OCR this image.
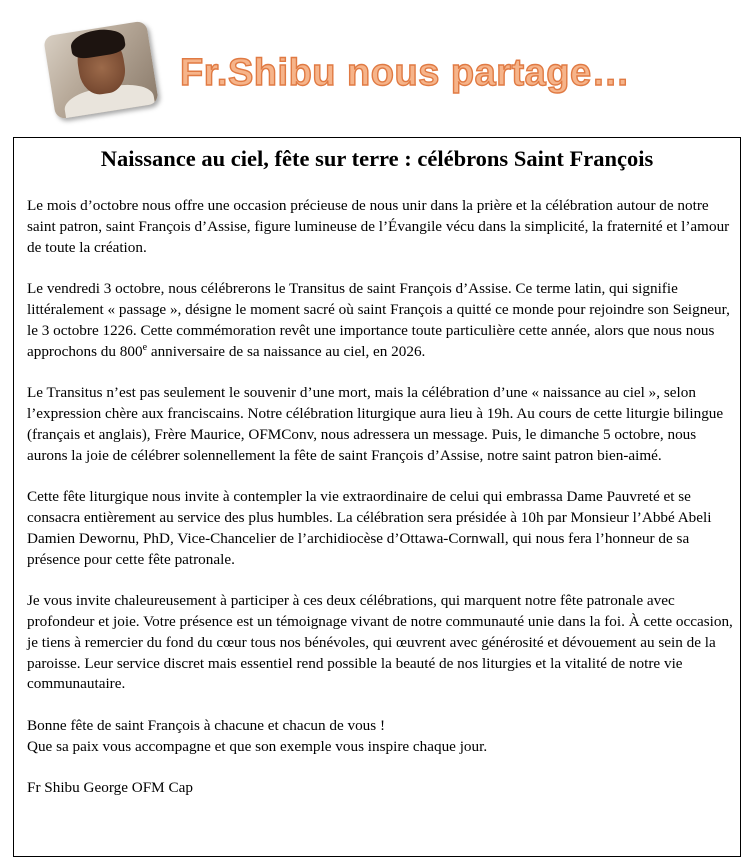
Fr.Shibu nous partage…
Naissance au ciel, fête sur terre : célébrons Saint François

Le mois d’octobre nous offre une occasion précieuse de nous unir dans la prière et la célébration autour de notre saint patron, saint François d’Assise, figure lumineuse de l’Évangile vécu dans la simplicité, la fraternité et l’amour de toute la création.

Le vendredi 3 octobre, nous célébrerons le Transitus de saint François d’Assise. Ce terme latin, qui signifie littéralement « passage », désigne le moment sacré où saint François a quitté ce monde pour rejoindre son Seigneur, le 3 octobre 1226. Cette commémoration revêt une importance toute particulière cette année, alors que nous nous approchons du 800e anniversaire de sa naissance au ciel, en 2026.

Le Transitus n’est pas seulement le souvenir d’une mort, mais la célébration d’une « naissance au ciel », selon l’expression chère aux franciscains. Notre célébration liturgique aura lieu à 19h. Au cours de cette liturgie bilingue (français et anglais), Frère Maurice, OFMConv, nous adressera un message. Puis, le dimanche 5 octobre, nous aurons la joie de célébrer solennellement la fête de saint François d’Assise, notre saint patron bien-aimé.

Cette fête liturgique nous invite à contempler la vie extraordinaire de celui qui embrassa Dame Pauvreté et se consacra entièrement au service des plus humbles. La célébration sera présidée à 10h par Monsieur l’Abbé Abeli Damien Dewornu, PhD, Vice-Chancelier de l’archidiocèse d’Ottawa-Cornwall, qui nous fera l’honneur de sa présence pour cette fête patronale.

Je vous invite chaleureusement à participer à ces deux célébrations, qui marquent notre fête patronale avec profondeur et joie. Votre présence est un témoignage vivant de notre communauté unie dans la foi. À cette occasion, je tiens à remercier du fond du cœur tous nos bénévoles, qui œuvrent avec générosité et dévouement au sein de la paroisse. Leur service discret mais essentiel rend possible la beauté de nos liturgies et la vitalité de notre vie communautaire.

Bonne fête de saint François à chacune et chacun de vous !

Que sa paix vous accompagne et que son exemple vous inspire chaque jour.

Fr Shibu George OFM Cap
